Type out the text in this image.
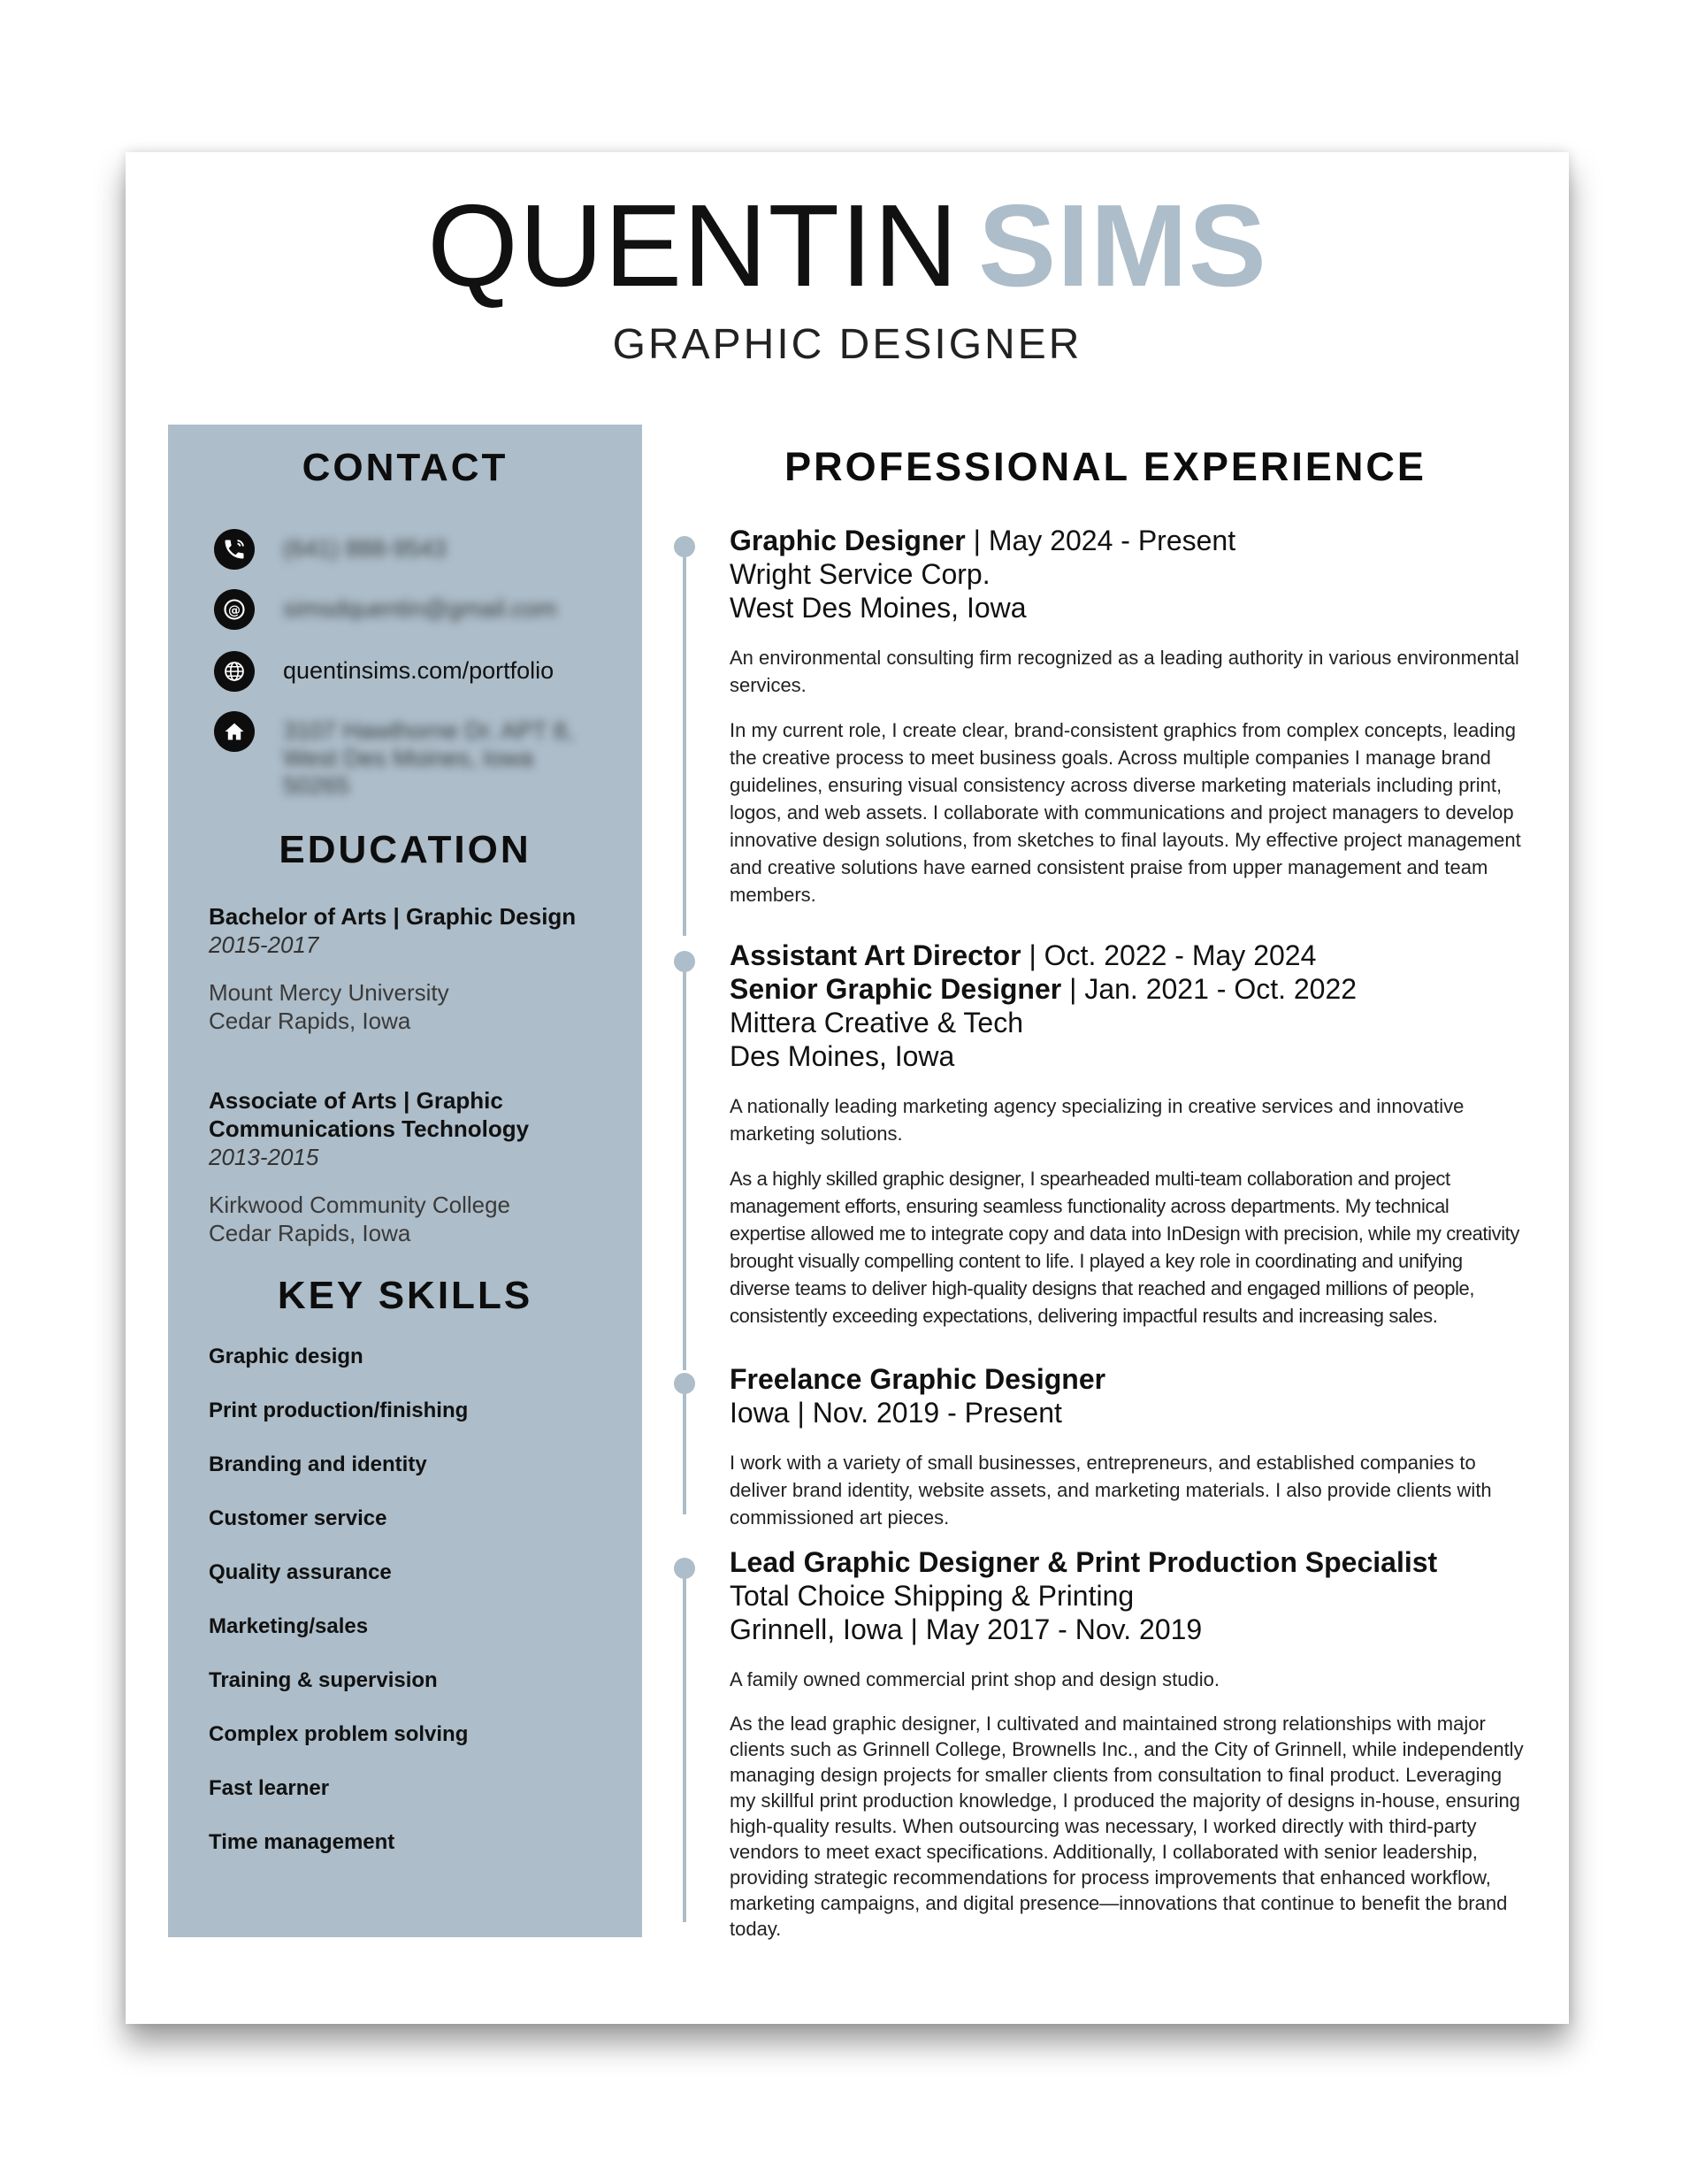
QUENTIN SIMS
GRAPHIC DESIGNER
CONTACT
(641) 888-9543
@ simsdquentin@gmail.com
quentinsims.com/portfolio
3107 Hawthorne Dr. APT 8,
West Des Moines, Iowa 50265
EDUCATION
Bachelor of Arts | Graphic Design
2015-2017
Mount Mercy University
Cedar Rapids, Iowa
Associate of Arts | Graphic
Communications Technology
2013-2015
Kirkwood Community College
Cedar Rapids, Iowa
KEY SKILLS
Graphic design
Print production/finishing
Branding and identity
Customer service
Quality assurance
Marketing/sales
Training & supervision
Complex problem solving
Fast learner
Time management
PROFESSIONAL EXPERIENCE
Graphic Designer | May 2024 - Present
Wright Service Corp.
West Des Moines, Iowa
An environmental consulting firm recognized as a leading authority in various environmental services.
In my current role, I create clear, brand-consistent graphics from complex concepts, leading the creative process to meet business goals. Across multiple companies I manage brand guidelines, ensuring visual consistency across diverse marketing materials including print, logos, and web assets. I collaborate with communications and project managers to develop innovative design solutions, from sketches to final layouts. My effective project management and creative solutions have earned consistent praise from upper management and team members.
Assistant Art Director | Oct. 2022 - May 2024
Senior Graphic Designer | Jan. 2021 - Oct. 2022
Mittera Creative & Tech
Des Moines, Iowa
A nationally leading marketing agency specializing in creative services and innovative marketing solutions.
As a highly skilled graphic designer, I spearheaded multi-team collaboration and project management efforts, ensuring seamless functionality across departments. My technical expertise allowed me to integrate copy and data into InDesign with precision, while my creativity brought visually compelling content to life. I played a key role in coordinating and unifying diverse teams to deliver high-quality designs that reached and engaged millions of people, consistently exceeding expectations, delivering impactful results and increasing sales.
Freelance Graphic Designer
Iowa | Nov. 2019 - Present
I work with a variety of small businesses, entrepreneurs, and established companies to deliver brand identity, website assets, and marketing materials. I also provide clients with commissioned art pieces.
Lead Graphic Designer & Print Production Specialist
Total Choice Shipping & Printing
Grinnell, Iowa | May 2017 - Nov. 2019
A family owned commercial print shop and design studio.
As the lead graphic designer, I cultivated and maintained strong relationships with major clients such as Grinnell College, Brownells Inc., and the City of Grinnell, while independently managing design projects for smaller clients from consultation to final product. Leveraging my skillful print production knowledge, I produced the majority of designs in-house, ensuring high-quality results. When outsourcing was necessary, I worked directly with third-party vendors to meet exact specifications. Additionally, I collaborated with senior leadership, providing strategic recommendations for process improvements that enhanced workflow, marketing campaigns, and digital presence—innovations that continue to benefit the brand today.
